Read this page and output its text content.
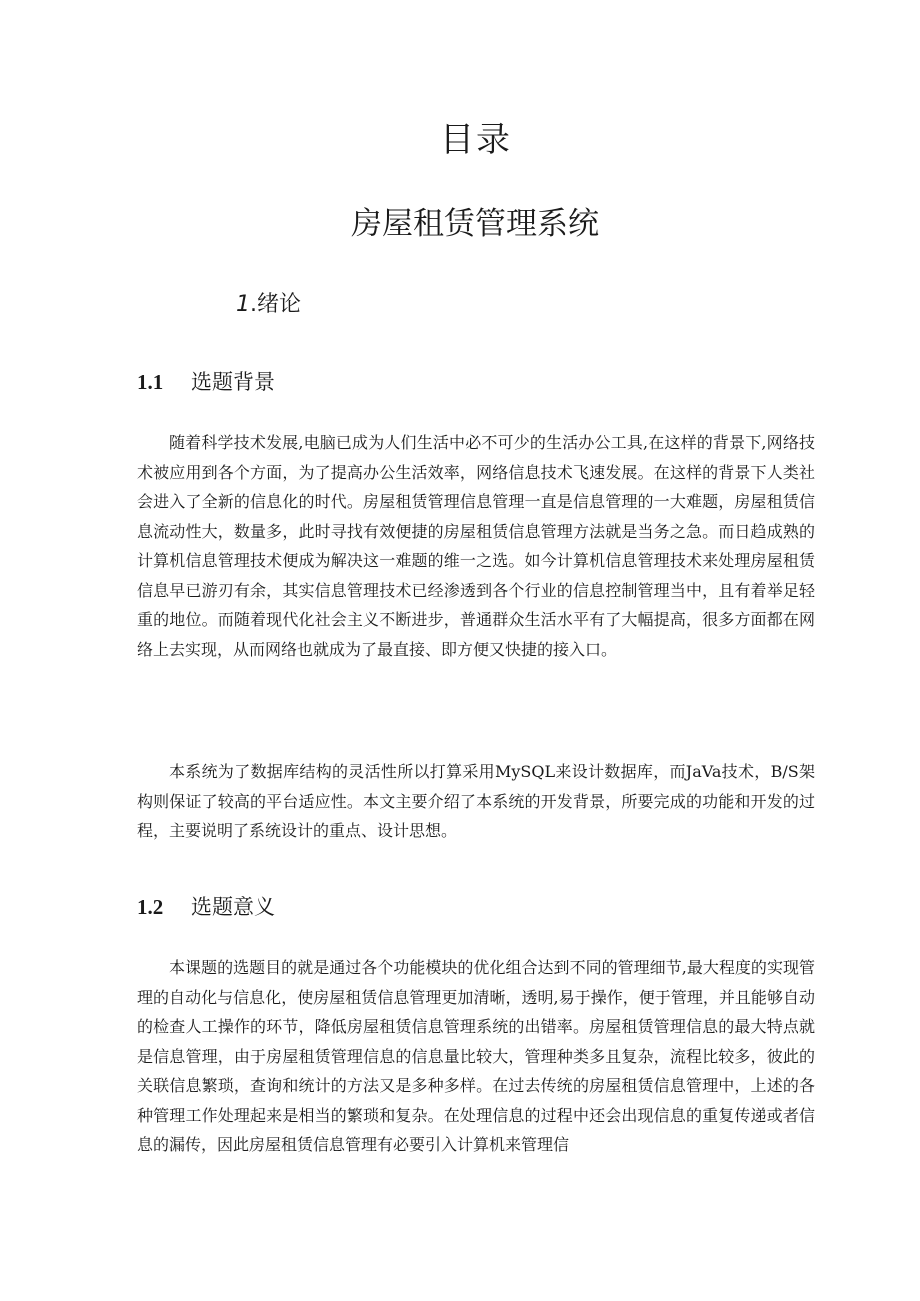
目录
房屋租赁管理系统
1.绪论
1.1 选题背景

随着科学技术发展,电脑已成为人们生活中必不可少的生活办公工具,在这样的背景下,网络技术被应用到各个方面，为了提高办公生活效率，网络信息技术飞速发展。在这样的背景下人类社会进入了全新的信息化的时代。房屋租赁管理信息管理一直是信息管理的一大难题，房屋租赁信息流动性大，数量多，此时寻找有效便捷的房屋租赁信息管理方法就是当务之急。而日趋成熟的计算机信息管理技术便成为解决这一难题的维一之选。如今计算机信息管理技术来处理房屋租赁信息早已游刃有余，其实信息管理技术已经渗透到各个行业的信息控制管理当中，且有着举足轻重的地位。而随着现代化社会主义不断进步，普通群众生活水平有了大幅提高，很多方面都在网络上去实现，从而网络也就成为了最直接、即方便又快捷的接入口。

本系统为了数据库结构的灵活性所以打算采用MySQL来设计数据库，而JaVa技术，B/S架构则保证了较高的平台适应性。本文主要介绍了本系统的开发背景，所要完成的功能和开发的过程，主要说明了系统设计的重点、设计思想。

1.2 选题意义

本课题的选题目的就是通过各个功能模块的优化组合达到不同的管理细节,最大程度的实现管理的自动化与信息化，使房屋租赁信息管理更加清晰，透明,易于操作，便于管理，并且能够自动的检查人工操作的环节，降低房屋租赁信息管理系统的出错率。房屋租赁管理信息的最大特点就是信息管理，由于房屋租赁管理信息的信息量比较大，管理种类多且复杂，流程比较多，彼此的关联信息繁琐，查询和统计的方法又是多种多样。在过去传统的房屋租赁信息管理中，上述的各种管理工作处理起来是相当的繁琐和复杂。在处理信息的过程中还会出现信息的重复传递或者信息的漏传，因此房屋租赁信息管理有必要引入计算机来管理信
